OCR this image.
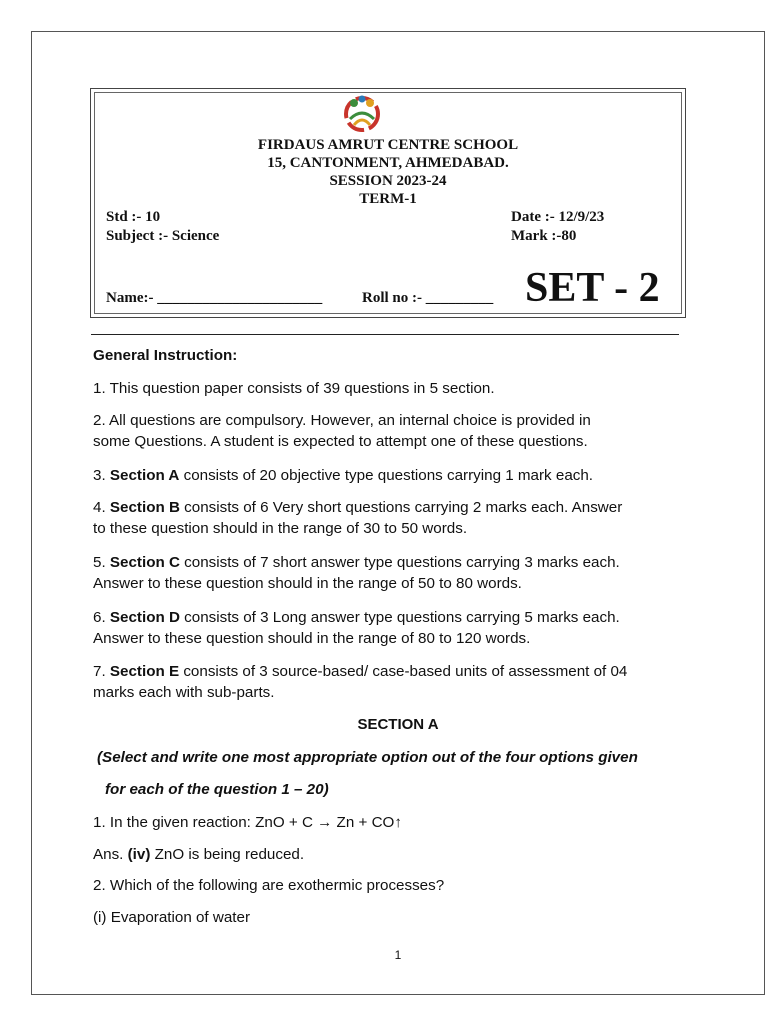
FIRDAUS AMRUT CENTRE SCHOOL
15, CANTONMENT, AHMEDABAD.
SESSION 2023-24
TERM-1
Std :- 10	Date :- 12/9/23
Subject :- Science	Mark :-80
Name:- ______________________	Roll no :- _________ SET - 2
General Instruction:
1. This question paper consists of 39 questions in 5 section.
2. All questions are compulsory. However, an internal choice is provided in
some Questions. A student is expected to attempt one of these questions.
3. Section A consists of 20 objective type questions carrying 1 mark each.
4. Section B consists of 6 Very short questions carrying 2 marks each. Answer
to these question should in the range of 30 to 50 words.
5. Section C consists of 7 short answer type questions carrying 3 marks each.
Answer to these question should in the range of 50 to 80 words.
6. Section D consists of 3 Long answer type questions carrying 5 marks each.
Answer to these question should in the range of 80 to 120 words.
7. Section E consists of 3 source-based/ case-based units of assessment of 04
marks each with sub-parts.
SECTION A
(Select and write one most appropriate option out of the four options given
for each of the question 1 – 20)
1. In the given reaction: ZnO + C → Zn + CO↑
Ans. (iv) ZnO is being reduced.
2. Which of the following are exothermic processes?
(i) Evaporation of water
1
